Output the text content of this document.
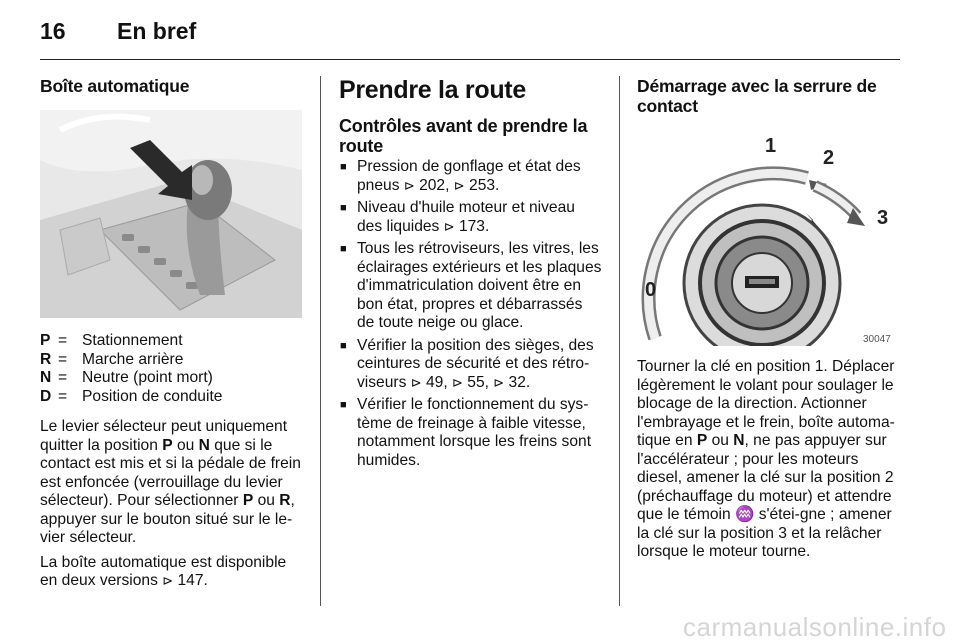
16 En bref
Boîte automatique
P = Stationnement
R = Marche arrière
N = Neutre (point mort)
D = Position de conduite

Le levier sélecteur peut uniquement quitter la position P ou N que si le contact est mis et si la pédale de frein est enfoncée (verrouillage du levier sélecteur). Pour sélectionner P ou R, appuyer sur le bouton situé sur le le-vier sélecteur.

La boîte automatique est disponible en deux versions ⊳ 147.

Prendre la route
Contrôles avant de prendre la route
■ Pression de gonflage et état des pneus ⊳ 202, ⊳ 253.
■ Niveau d'huile moteur et niveau des liquides ⊳ 173.
■ Tous les rétroviseurs, les vitres, les éclairages extérieurs et les plaques d'immatriculation doivent être en bon état, propres et débarrassés de toute neige ou glace.
■ Vérifier la position des sièges, des ceintures de sécurité et des rétro-viseurs ⊳ 49, ⊳ 55, ⊳ 32.
■ Vérifier le fonctionnement du sys-tème de freinage à faible vitesse, notamment lorsque les freins sont humides.
Démarrage avec la serrure de contact
0
1
2
3
30047

Tourner la clé en position 1. Déplacer légèrement le volant pour soulager le blocage de la direction. Actionner l'embrayage et le frein, boîte automa-tique en P ou N, ne pas appuyer sur l'accélérateur ; pour les moteurs diesel, amener la clé sur la position 2 (préchauffage du moteur) et attendre que le témoin ♒ s'étei-gne ; amener la clé sur la position 3 et la relâcher lorsque le moteur tourne.

carmanualsonline.info
